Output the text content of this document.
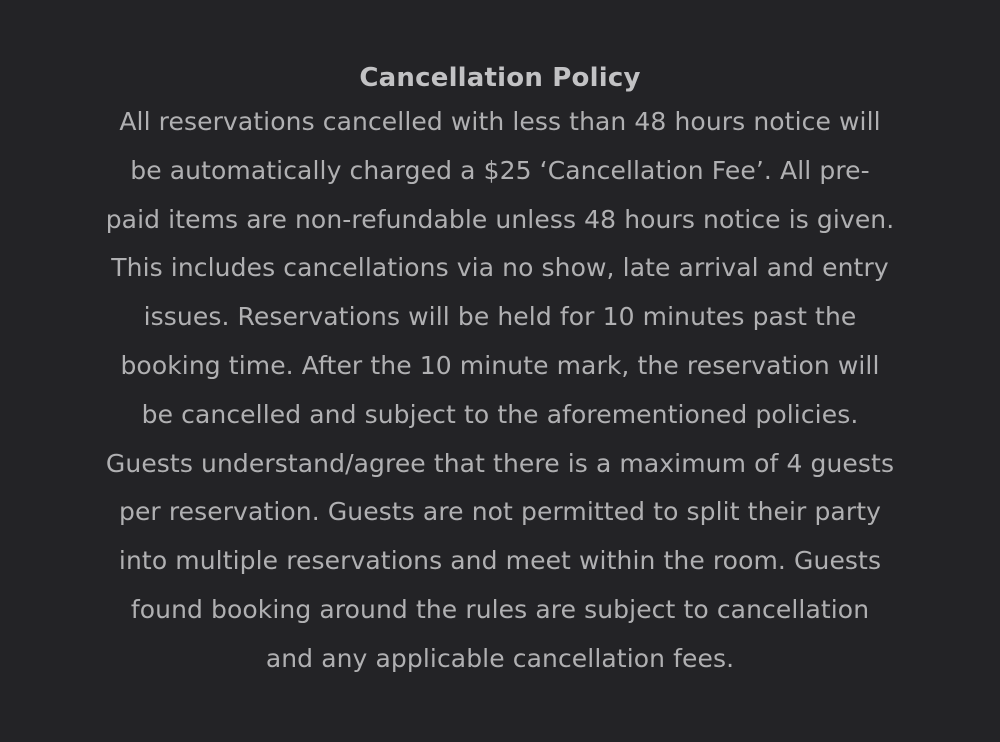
Cancellation Policy
All reservations cancelled with less than 48 hours notice will
be automatically charged a $25 ‘Cancellation Fee’. All pre-
paid items are non-refundable unless 48 hours notice is given.
This includes cancellations via no show, late arrival and entry
issues. Reservations will be held for 10 minutes past the
booking time. After the 10 minute mark, the reservation will
be cancelled and subject to the aforementioned policies.
Guests understand/agree that there is a maximum of 4 guests
per reservation. Guests are not permitted to split their party
into multiple reservations and meet within the room. Guests
found booking around the rules are subject to cancellation
and any applicable cancellation fees.
